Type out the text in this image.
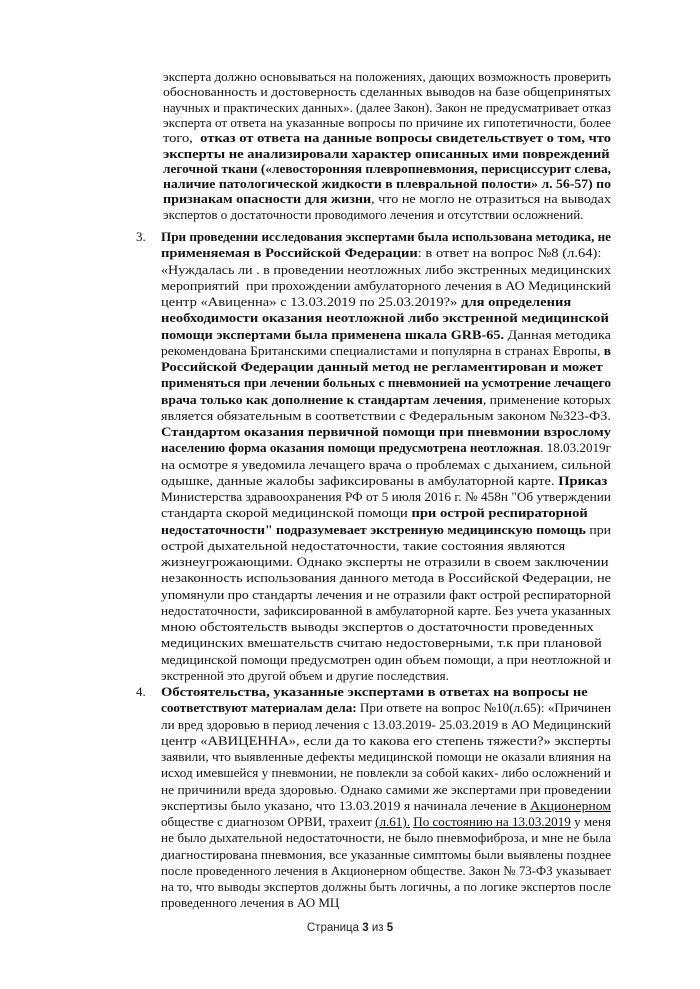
эксперта должно основываться на положениях, дающих возможность проверить
обоснованность и достоверность сделанных выводов на базе общепринятых
научных и практических данных». (далее Закон). Закон не предусматривает отказ
эксперта от ответа на указанные вопросы по причине их гипотетичности, более
того,  отказ от ответа на данные вопросы свидетельствует о том, что
эксперты не анализировали характер описанных ими повреждений
легочной ткани («левосторонняя плевропневмония, перисциссурит слева,
наличие патологической жидкости в плевральной полости» л. 56-57) по
признакам опасности для жизни, что не могло не отразиться на выводах
экспертов о достаточности проводимого лечения и отсутствии осложнений.
3. При проведении исследования экспертами была использована методика, не
применяемая в Российской Федерации: в ответ на вопрос №8 (л.64):
«Нуждалась ли . в проведении неотложных либо экстренных медицинских
мероприятий  при прохождении амбулаторного лечения в АО Медицинский
центр «Авиценна» с 13.03.2019 по 25.03.2019?» для определения
необходимости оказания неотложной либо экстренной медицинской
помощи экспертами была применена шкала GRB-65. Данная методика
рекомендована Британскими специалистами и популярна в странах Европы, в
Российской Федерации данный метод не регламентирован и может
применяться при лечении больных с пневмонией на усмотрение лечащего
врача только как дополнение к стандартам лечения, применение которых
является обязательным в соответствии с Федеральным законом №323-ФЗ.
Стандартом оказания первичной помощи при пневмонии взрослому
населению форма оказания помощи предусмотрена неотложная. 18.03.2019г
на осмотре я уведомила лечащего врача о проблемах с дыханием, сильной
одышке, данные жалобы зафиксированы в амбулаторной карте. Приказ
Министерства здравоохранения РФ от 5 июля 2016 г. № 458н "Об утверждении
стандарта скорой медицинской помощи при острой респираторной
недостаточности" подразумевает экстренную медицинскую помощь при
острой дыхательной недостаточности, такие состояния являются
жизнеугрожающими. Однако эксперты не отразили в своем заключении
незаконность использования данного метода в Российской Федерации, не
упомянули про стандарты лечения и не отразили факт острой респираторной
недостаточности, зафиксированной в амбулаторной карте. Без учета указанных
мною обстоятельств выводы экспертов о достаточности проведенных
медицинских вмешательств считаю недостоверными, т.к при плановой
медицинской помощи предусмотрен один объем помощи, а при неотложной и
экстренной это другой объем и другие последствия.
4. Обстоятельства, указанные экспертами в ответах на вопросы не
соответствуют материалам дела: При ответе на вопрос №10(л.65): «Причинен
ли вред здоровью в период лечения с 13.03.2019- 25.03.2019 в АО Медицинский
центр «АВИЦЕННА», если да то какова его степень тяжести?» эксперты
заявили, что выявленные дефекты медицинской помощи не оказали влияния на
исход имевшейся у пневмонии, не повлекли за собой каких- либо осложнений и
не причинили вреда здоровью. Однако самими же экспертами при проведении
экспертизы было указано, что 13.03.2019 я начинала лечение в Акционерном
обществе с диагнозом ОРВИ, трахеит (л.61). По состоянию на 13.03.2019 у меня
не было дыхательной недостаточности, не было пневмофиброза, и мне не была
диагностирована пневмония, все указанные симптомы были выявлены позднее
после проведенного лечения в Акционерном обществе. Закон № 73-ФЗ указывает
на то, что выводы экспертов должны быть логичны, а по логике экспертов после
проведенного лечения в АО МЦ
Страница 3 из 5
